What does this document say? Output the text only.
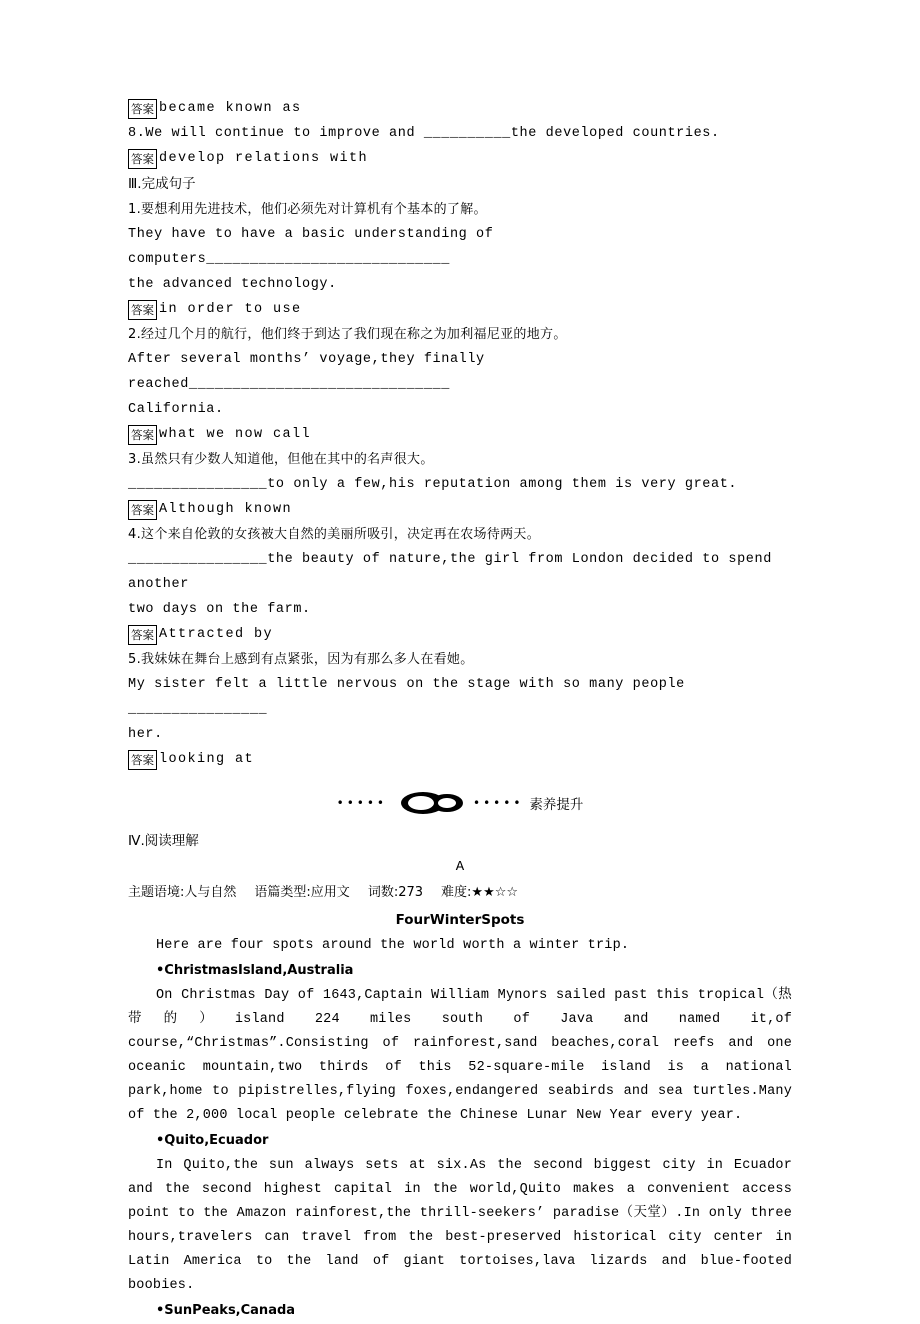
答案 became known as
8.We will continue to improve and __________the developed countries.
答案 develop relations with
Ⅲ.完成句子
1.要想利用先进技术，他们必须先对计算机有个基本的了解。
They have to have a basic understanding of computers____________________________
the advanced technology.
答案 in order to use
2.经过几个月的航行，他们终于到达了我们现在称之为加利福尼亚的地方。
After several months’ voyage,they finally reached______________________________
California.
答案 what we now call
3.虽然只有少数人知道他，但他在其中的名声很大。
________________to only a few,his reputation among them is very great.
答案 Although known
4.这个来自伦敦的女孩被大自然的美丽所吸引，决定再在农场待两天。
________________the beauty of nature,the girl from London decided to spend another
two days on the farm.
答案 Attracted by
5.我妹妹在舞台上感到有点紧张，因为有那么多人在看她。
My sister felt a little nervous on the stage with so many people ________________
her.
答案 looking at
•••••	••••• 素养提升
Ⅳ.阅读理解
A
主题语境:人与自然 语篇类型:应用文 词数:273 难度:★★☆☆
FourWinterSpots
Here are four spots around the world worth a winter trip.
•ChristmasIsland,Australia
On Christmas Day of 1643,Captain William Mynors sailed past this tropical（热带的）island 224 miles south of Java and named it,of course,“Christmas”.Consisting of rainforest,sand beaches,coral reefs and one oceanic mountain,two thirds of this 52-square-mile island is a national park,home to pipistrelles,flying foxes,endangered seabirds and sea turtles.Many of the 2,000 local people celebrate the Chinese Lunar New Year every year.
•Quito,Ecuador
In Quito,the sun always sets at six.As the second biggest city in Ecuador and the second highest capital in the world,Quito makes a convenient access point to the Amazon rainforest,the thrill-seekers’ paradise（天堂）.In only three hours,travelers can travel from the best-preserved historical city center in Latin America to the land of giant tortoises,lava lizards and blue-footed boobies.
•SunPeaks,Canada
